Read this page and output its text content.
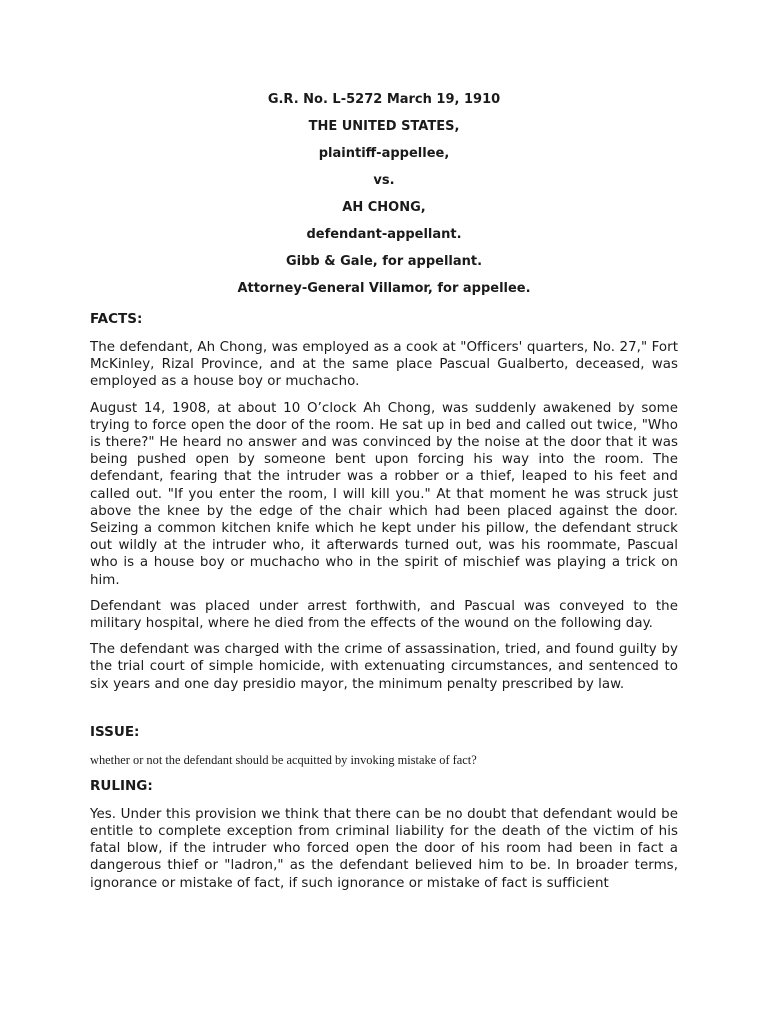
G.R. No. L-5272 March 19, 1910
THE UNITED STATES,
plaintiff-appellee,
vs.
AH CHONG,
defendant-appellant.
Gibb & Gale, for appellant.
Attorney-General Villamor, for appellee.
FACTS:

The defendant, Ah Chong, was employed as a cook at "Officers' quarters, No. 27," Fort McKinley, Rizal Province, and at the same place Pascual Gualberto, deceased, was employed as a house boy or muchacho.

August 14, 1908, at about 10 O’clock Ah Chong, was suddenly awakened by some trying to force open the door of the room. He sat up in bed and called out twice, "Who is there?" He heard no answer and was convinced by the noise at the door that it was being pushed open by someone bent upon forcing his way into the room. The defendant, fearing that the intruder was a robber or a thief, leaped to his feet and called out. "If you enter the room, I will kill you." At that moment he was struck just above the knee by the edge of the chair which had been placed against the door. Seizing a common kitchen knife which he kept under his pillow, the defendant struck out wildly at the intruder who, it afterwards turned out, was his roommate, Pascual who is a house boy or muchacho who in the spirit of mischief was playing a trick on him.

Defendant was placed under arrest forthwith, and Pascual was conveyed to the military hospital, where he died from the effects of the wound on the following day.

The defendant was charged with the crime of assassination, tried, and found guilty by the trial court of simple homicide, with extenuating circumstances, and sentenced to six years and one day presidio mayor, the minimum penalty prescribed by law.

ISSUE:
whether or not the defendant should be acquitted by invoking mistake of fact?
RULING:

Yes. Under this provision we think that there can be no doubt that defendant would be entitle to complete exception from criminal liability for the death of the victim of his fatal blow, if the intruder who forced open the door of his room had been in fact a dangerous thief or "ladron," as the defendant believed him to be. In broader terms, ignorance or mistake of fact, if such ignorance or mistake of fact is sufficient
